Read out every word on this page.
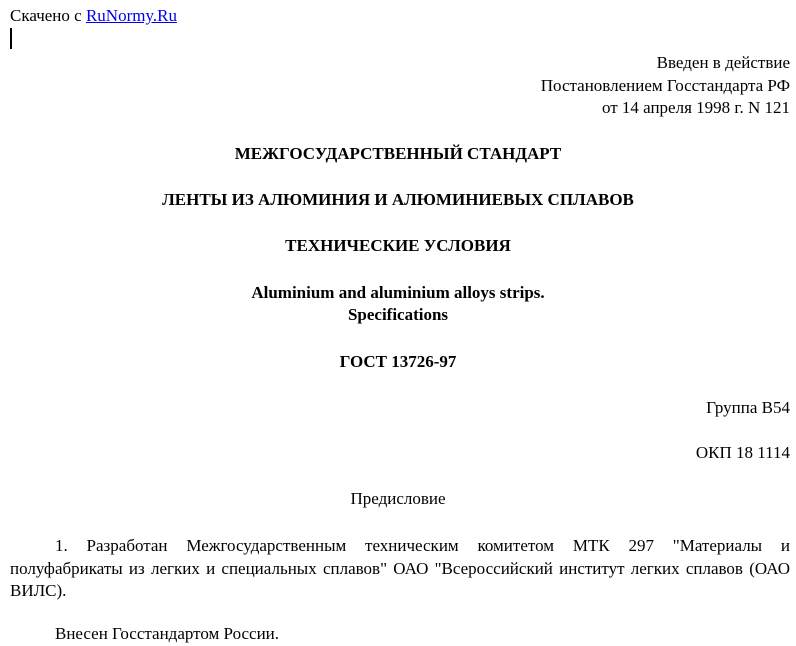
Скачено с RuNormy.Ru
Введен в действие
Постановлением Госстандарта РФ
от 14 апреля 1998 г. N 121
МЕЖГОСУДАРСТВЕННЫЙ СТАНДАРТ
ЛЕНТЫ ИЗ АЛЮМИНИЯ И АЛЮМИНИЕВЫХ СПЛАВОВ
ТЕХНИЧЕСКИЕ УСЛОВИЯ
Aluminium and aluminium alloys strips.
Specifications
ГОСТ 13726-97
Группа В54
ОКП 18 1114
Предисловие
1. Разработан Межгосударственным техническим комитетом МТК 297 "Материалы и полуфабрикаты из легких и специальных сплавов" ОАО "Всероссийский институт легких сплавов (ОАО ВИЛС).
Внесен Госстандартом России.
